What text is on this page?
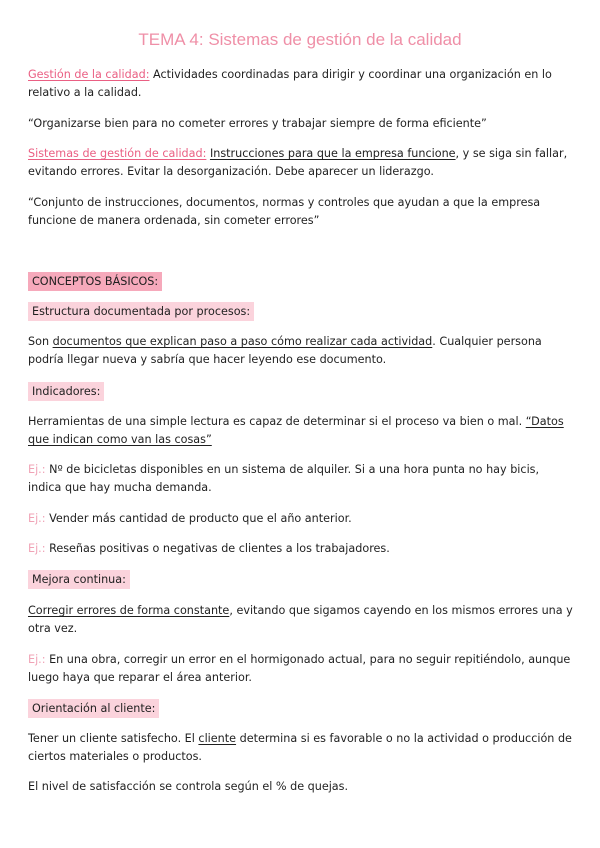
TEMA 4: Sistemas de gestión de la calidad
Gestión de la calidad: Actividades coordinadas para dirigir y coordinar una organización en lo relativo a la calidad.
“Organizarse bien para no cometer errores y trabajar siempre de forma eficiente”
Sistemas de gestión de calidad: Instrucciones para que la empresa funcione, y se siga sin fallar, evitando errores. Evitar la desorganización. Debe aparecer un liderazgo.
“Conjunto de instrucciones, documentos, normas y controles que ayudan a que la empresa funcione de manera ordenada, sin cometer errores”
CONCEPTOS BÁSICOS:
Estructura documentada por procesos:
Son documentos que explican paso a paso cómo realizar cada actividad. Cualquier persona podría llegar nueva y sabría que hacer leyendo ese documento.
Indicadores:
Herramientas de una simple lectura es capaz de determinar si el proceso va bien o mal. “Datos que indican como van las cosas”
Ej.: Nº de bicicletas disponibles en un sistema de alquiler. Si a una hora punta no hay bicis, indica que hay mucha demanda.
Ej.: Vender más cantidad de producto que el año anterior.
Ej.: Reseñas positivas o negativas de clientes a los trabajadores.
Mejora continua:
Corregir errores de forma constante, evitando que sigamos cayendo en los mismos errores una y otra vez.
Ej.: En una obra, corregir un error en el hormigonado actual, para no seguir repitiéndolo, aunque luego haya que reparar el área anterior.
Orientación al cliente:
Tener un cliente satisfecho. El cliente determina si es favorable o no la actividad o producción de ciertos materiales o productos.
El nivel de satisfacción se controla según el % de quejas.
